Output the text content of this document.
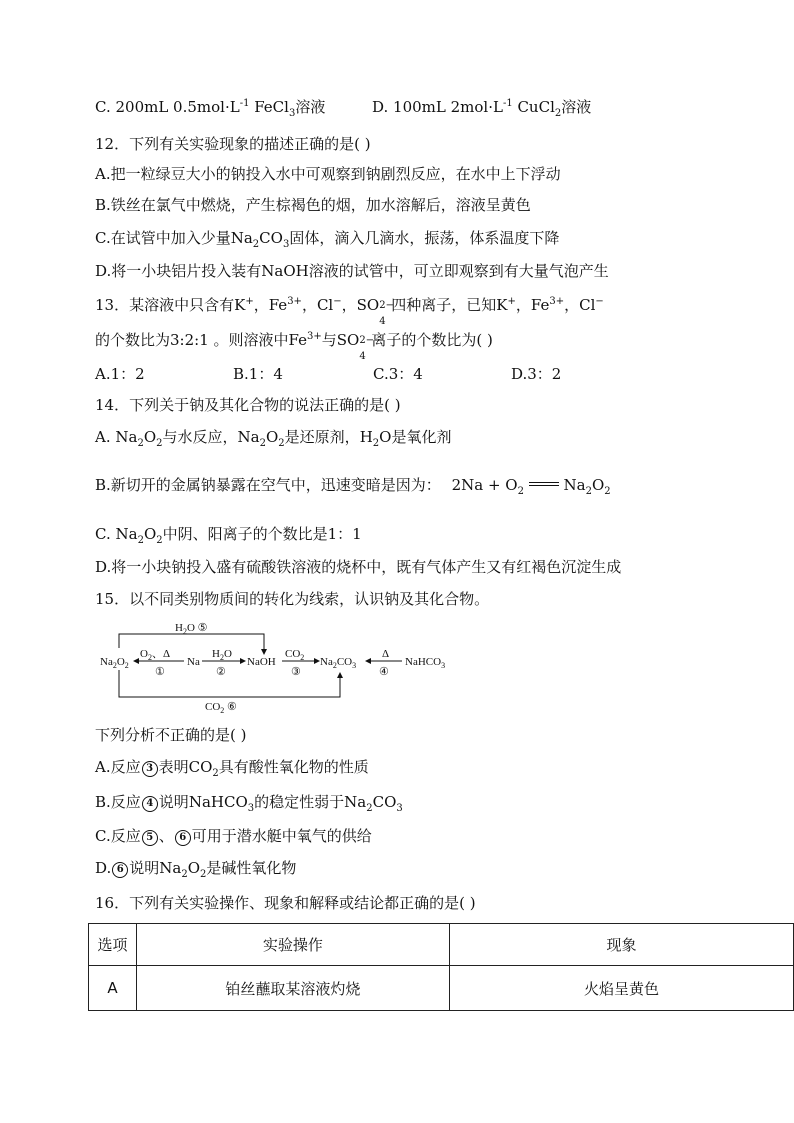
C. 200mL $0.5mol\cdot L^{-1}$ FeCl$_3$溶液	D. 100mL $2mol\cdot L^{-1}$ CuCl$_2$溶液
12．下列有关实验现象的描述正确的是( )
A.把一粒绿豆大小的钠投入水中可观察到钠剧烈反应，在水中上下浮动
B.铁丝在氯气中燃烧，产生棕褐色的烟，加水溶解后，溶液呈黄色
C.在试管中加入少量$Na_2CO_3$固体，滴入几滴水，振荡，体系温度下降
D.将一小块铝片投入装有NaOH溶液的试管中，可立即观察到有大量气泡产生
13．某溶液中只含有K+，$Fe^{3+}$，Cl−，SO 2−
4
四种离子，已知K+，$Fe^{3+}$，Cl−
的个数比为3:2:1 。则溶液中$Fe^{3+}$与SO 2−
4
离子的个数比为( )
A.1：2	B.1：4	C.3：4	D.3：2
14．下列关于钠及其化合物的说法正确的是( )
A. $Na_2O_2$与水反应，$Na_2O_2$是还原剂，$H_2O$是氧化剂
B.新切开的金属钠暴露在空气中，迅速变暗是因为： $2Na + O_2$	$Na_2O_2$
C. $Na_2O_2$中阴、阳离子的个数比是1：1
D.将一小块钠投入盛有硫酸铁溶液的烧杯中，既有气体产生又有红褐色沉淀生成
15．以不同类别物质间的转化为线索，认识钠及其化合物。
$H_2O$ ⑤
$CO_2$ ⑥
$Na_2O_2$	Na	NaOH	$Na_2CO_3$	NaHCO$_3$
$O_2$、Δ
①
$H_2O$
②
$CO_2$
③
Δ
④
下列分析不正确的是( )
A.反应 3 表明$CO_2$具有酸性氧化物的性质
B.反应 4 说明NaHCO$_3$的稳定性弱于$Na_2CO_3$
C.反应 5 、 6 可用于潜水艇中氧气的供给
D. 6 说明$Na_2O_2$是碱性氧化物
16．下列有关实验操作、现象和解释或结论都正确的是( )
选项	实验操作	现象
A	铂丝蘸取某溶液灼烧	火焰呈黄色
